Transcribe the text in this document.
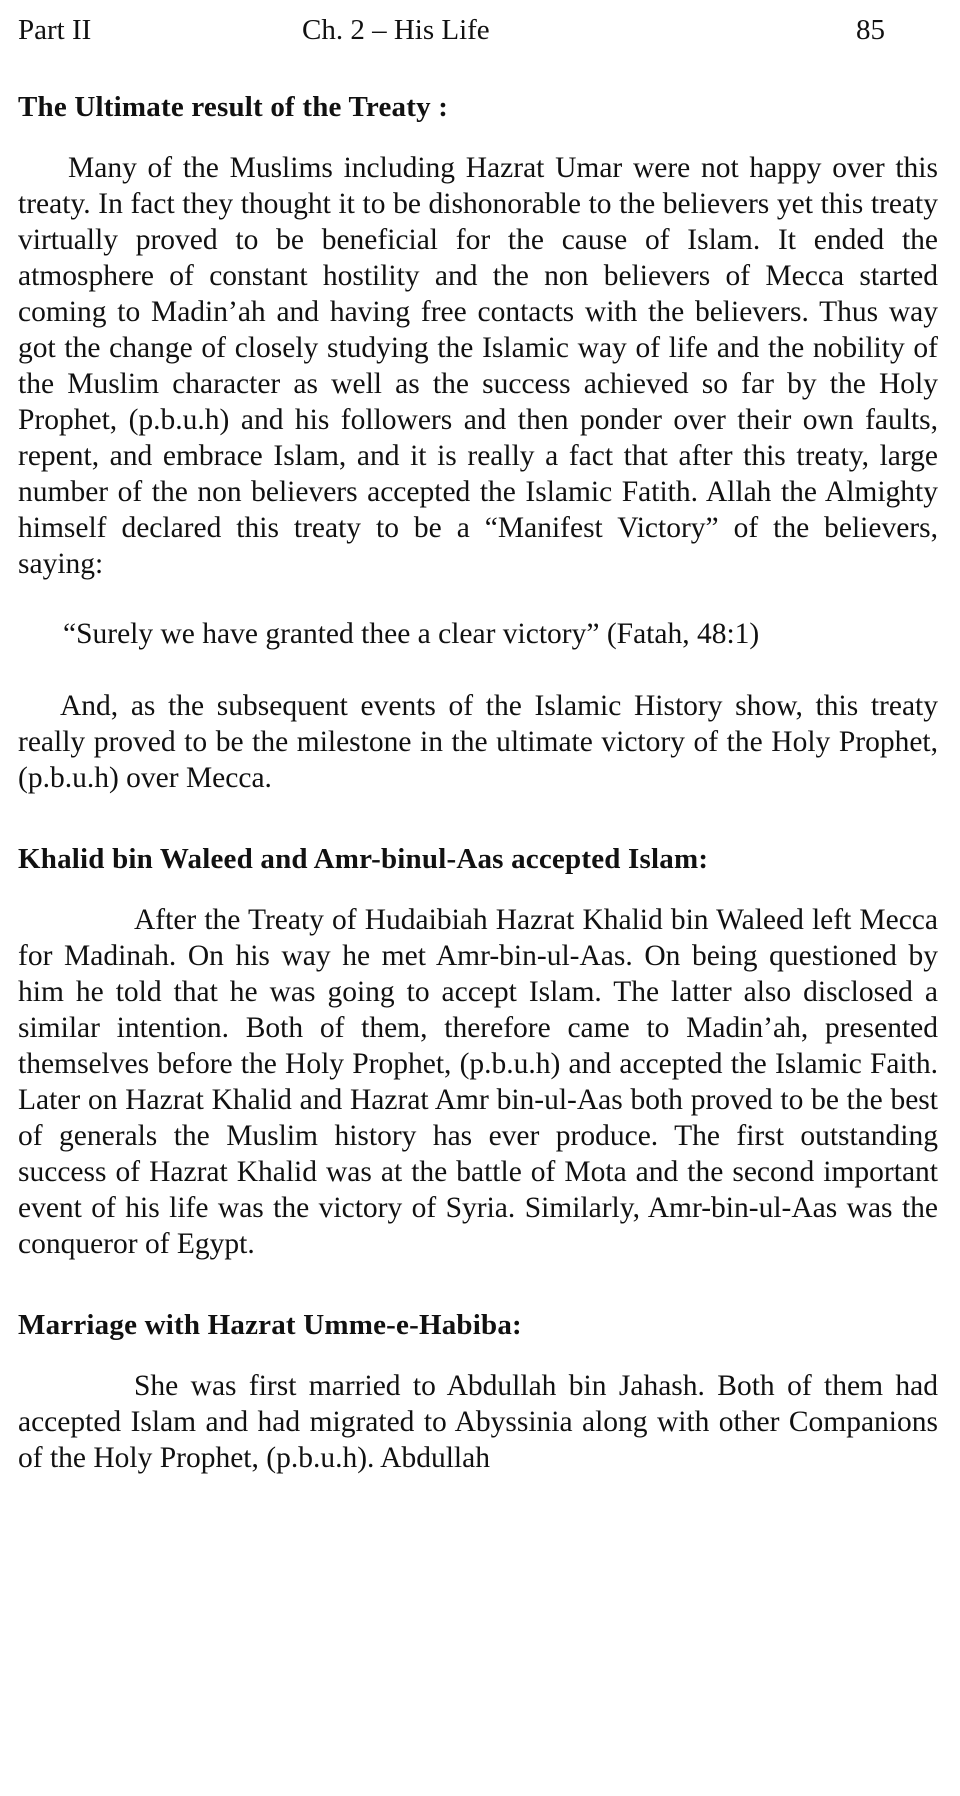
Part II	Ch. 2 – His Life	85
The Ultimate result of the Treaty :

Many of the Muslims including Hazrat Umar were not happy over this treaty. In fact they thought it to be dishonorable to the believers yet this treaty virtually proved to be beneficial for the cause of Islam. It ended the atmosphere of constant hostility and the non believers of Mecca started coming to Madin’ah and having free contacts with the believers. Thus way got the change of closely studying the Islamic way of life and the nobility of the Muslim character as well as the success achieved so far by the Holy Prophet, (p.b.u.h) and his followers and then ponder over their own faults, repent, and embrace Islam, and it is really a fact that after this treaty, large number of the non believers accepted the Islamic Fatith. Allah the Almighty himself declared this treaty to be a “Manifest Victory” of the believers, saying:

“Surely we have granted thee a clear victory” (Fatah, 48:1)

And, as the subsequent events of the Islamic History show, this treaty really proved to be the milestone in the ultimate victory of the Holy Prophet, (p.b.u.h) over Mecca.

Khalid bin Waleed and Amr-binul-Aas accepted Islam:

After the Treaty of Hudaibiah Hazrat Khalid bin Waleed left Mecca for Madinah. On his way he met Amr-bin-ul-Aas. On being questioned by him he told that he was going to accept Islam. The latter also disclosed a similar intention. Both of them, therefore came to Madin’ah, presented themselves before the Holy Prophet, (p.b.u.h) and accepted the Islamic Faith. Later on Hazrat Khalid and Hazrat Amr bin-ul-Aas both proved to be the best of generals the Muslim history has ever produce. The first outstanding success of Hazrat Khalid was at the battle of Mota and the second important event of his life was the victory of Syria. Similarly, Amr-bin-ul-Aas was the conqueror of Egypt.

Marriage with Hazrat Umme-e-Habiba:

She was first married to Abdullah bin Jahash. Both of them had accepted Islam and had migrated to Abyssinia along with other Companions of the Holy Prophet, (p.b.u.h). Abdullah
